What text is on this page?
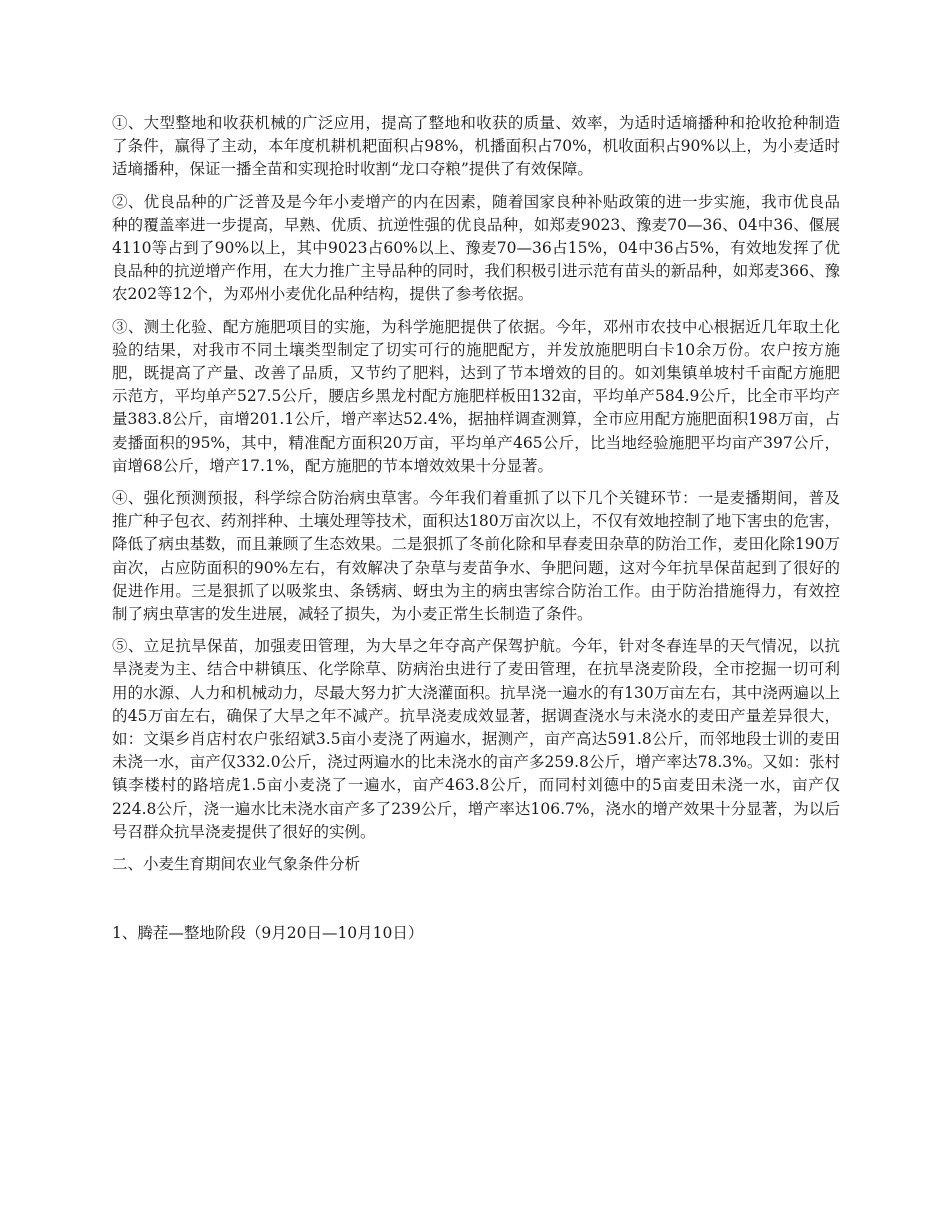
①、大型整地和收获机械的广泛应用，提高了整地和收获的质量、效率，为适时适墒播种和抢收抢种制造了条件，赢得了主动，本年度机耕机耙面积占98%，机播面积占70%，机收面积占90%以上，为小麦适时适墒播种，保证一播全苗和实现抢时收割“龙口夺粮”提供了有效保障。

②、优良品种的广泛普及是今年小麦增产的内在因素，随着国家良种补贴政策的进一步实施，我市优良品种的覆盖率进一步提高，早熟、优质、抗逆性强的优良品种，如郑麦9023、豫麦70—36、04中36、偃展4110等占到了90%以上，其中9023占60%以上、豫麦70—36占15%，04中36占5%，有效地发挥了优良品种的抗逆增产作用，在大力推广主导品种的同时，我们积极引进示范有苗头的新品种，如郑麦366、豫农202等12个，为邓州小麦优化品种结构，提供了参考依据。

③、测土化验、配方施肥项目的实施，为科学施肥提供了依据。今年，邓州市农技中心根据近几年取土化验的结果，对我市不同土壤类型制定了切实可行的施肥配方，并发放施肥明白卡10余万份。农户按方施肥，既提高了产量、改善了品质，又节约了肥料，达到了节本增效的目的。如刘集镇单坡村千亩配方施肥示范方，平均单产527.5公斤，腰店乡黑龙村配方施肥样板田132亩，平均单产584.9公斤，比全市平均产量383.8公斤，亩增201.1公斤，增产率达52.4%，据抽样调查测算，全市应用配方施肥面积198万亩，占麦播面积的95%，其中，精准配方面积20万亩，平均单产465公斤，比当地经验施肥平均亩产397公斤，亩增68公斤，增产17.1%，配方施肥的节本增效效果十分显著。

④、强化预测预报，科学综合防治病虫草害。今年我们着重抓了以下几个关键环节：一是麦播期间，普及推广种子包衣、药剂拌种、土壤处理等技术，面积达180万亩次以上，不仅有效地控制了地下害虫的危害，降低了病虫基数，而且兼顾了生态效果。二是狠抓了冬前化除和早春麦田杂草的防治工作，麦田化除190万亩次，占应防面积的90%左右，有效解决了杂草与麦苗争水、争肥问题，这对今年抗旱保苗起到了很好的促进作用。三是狠抓了以吸浆虫、条锈病、蚜虫为主的病虫害综合防治工作。由于防治措施得力，有效控制了病虫草害的发生进展，减轻了损失，为小麦正常生长制造了条件。

⑤、立足抗旱保苗，加强麦田管理，为大旱之年夺高产保驾护航。今年，针对冬春连旱的天气情况，以抗旱浇麦为主、结合中耕镇压、化学除草、防病治虫进行了麦田管理，在抗旱浇麦阶段，全市挖掘一切可利用的水源、人力和机械动力，尽最大努力扩大浇灌面积。抗旱浇一遍水的有130万亩左右，其中浇两遍以上的45万亩左右，确保了大旱之年不减产。抗旱浇麦成效显著，据调查浇水与未浇水的麦田产量差异很大，如：文渠乡肖店村农户张绍斌3.5亩小麦浇了两遍水，据测产，亩产高达591.8公斤，而邻地段士训的麦田未浇一水，亩产仅332.0公斤，浇过两遍水的比未浇水的亩产多259.8公斤，增产率达78.3%。又如：张村镇李楼村的路培虎1.5亩小麦浇了一遍水，亩产463.8公斤，而同村刘德中的5亩麦田未浇一水，亩产仅224.8公斤，浇一遍水比未浇水亩产多了239公斤，增产率达106.7%，浇水的增产效果十分显著，为以后号召群众抗旱浇麦提供了很好的实例。

二、小麦生育期间农业气象条件分析

1、腾茬—整地阶段（9月20日—10月10日）
